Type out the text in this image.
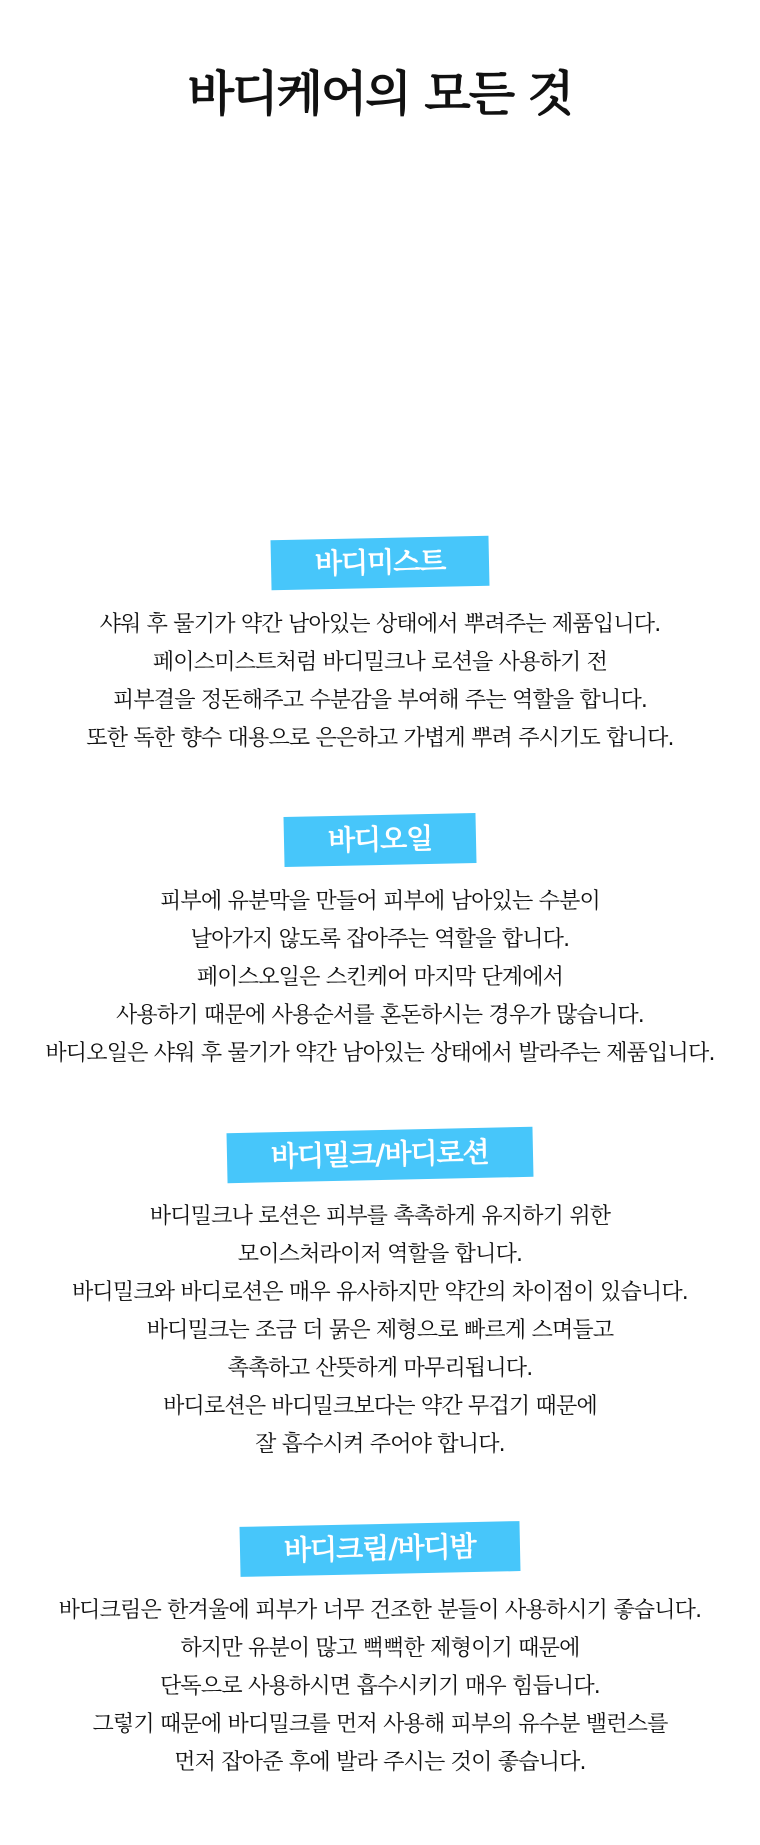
바디케어의 모든 것
바디미스트
샤워 후 물기가 약간 남아있는 상태에서 뿌려주는 제품입니다.
페이스미스트처럼 바디밀크나 로션을 사용하기 전
피부결을 정돈해주고 수분감을 부여해 주는 역할을 합니다.
또한 독한 향수 대용으로 은은하고 가볍게 뿌려 주시기도 합니다.
바디오일
피부에 유분막을 만들어 피부에 남아있는 수분이
날아가지 않도록 잡아주는 역할을 합니다.
페이스오일은 스킨케어 마지막 단계에서
사용하기 때문에 사용순서를 혼돈하시는 경우가 많습니다.
바디오일은 샤워 후 물기가 약간 남아있는 상태에서 발라주는 제품입니다.
바디밀크/바디로션
바디밀크나 로션은 피부를 촉촉하게 유지하기 위한
모이스처라이저 역할을 합니다.
바디밀크와 바디로션은 매우 유사하지만 약간의 차이점이 있습니다.
바디밀크는 조금 더 묽은 제형으로 빠르게 스며들고
촉촉하고 산뜻하게 마무리됩니다.
바디로션은 바디밀크보다는 약간 무겁기 때문에
잘 흡수시켜 주어야 합니다.
바디크림/바디밤
바디크림은 한겨울에 피부가 너무 건조한 분들이 사용하시기 좋습니다.
하지만 유분이 많고 뻑뻑한 제형이기 때문에
단독으로 사용하시면 흡수시키기 매우 힘듭니다.
그렇기 때문에 바디밀크를 먼저 사용해 피부의 유수분 밸런스를
먼저 잡아준 후에 발라 주시는 것이 좋습니다.
